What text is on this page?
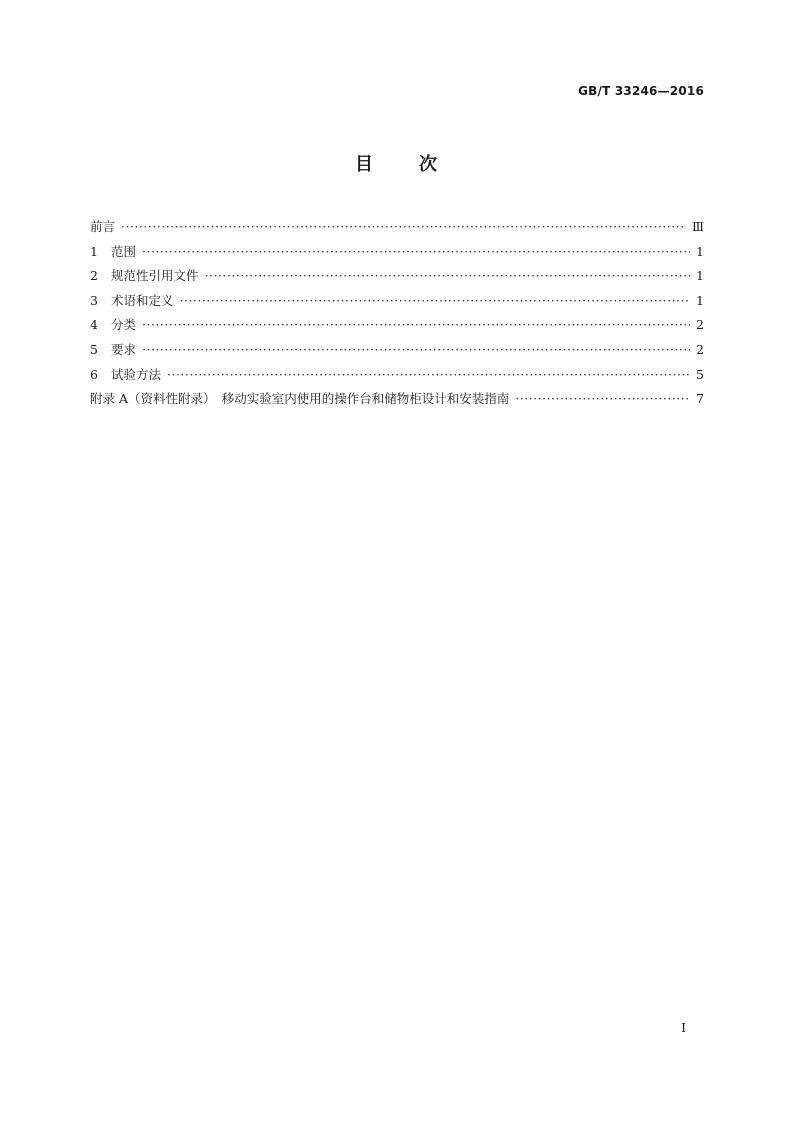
GB/T 33246—2016
目 次
前言 ·····	Ⅲ
1	范围 ·····	1
2	规范性引用文件 ·····	1
3	术语和定义 ·····	1
4	分类 ·····	2
5	要求 ·····	2
6	试验方法 ·····	5
附录 A（资料性附录）　移动实验室内使用的操作台和储物柜设计和安装指南 ·····	7
I
